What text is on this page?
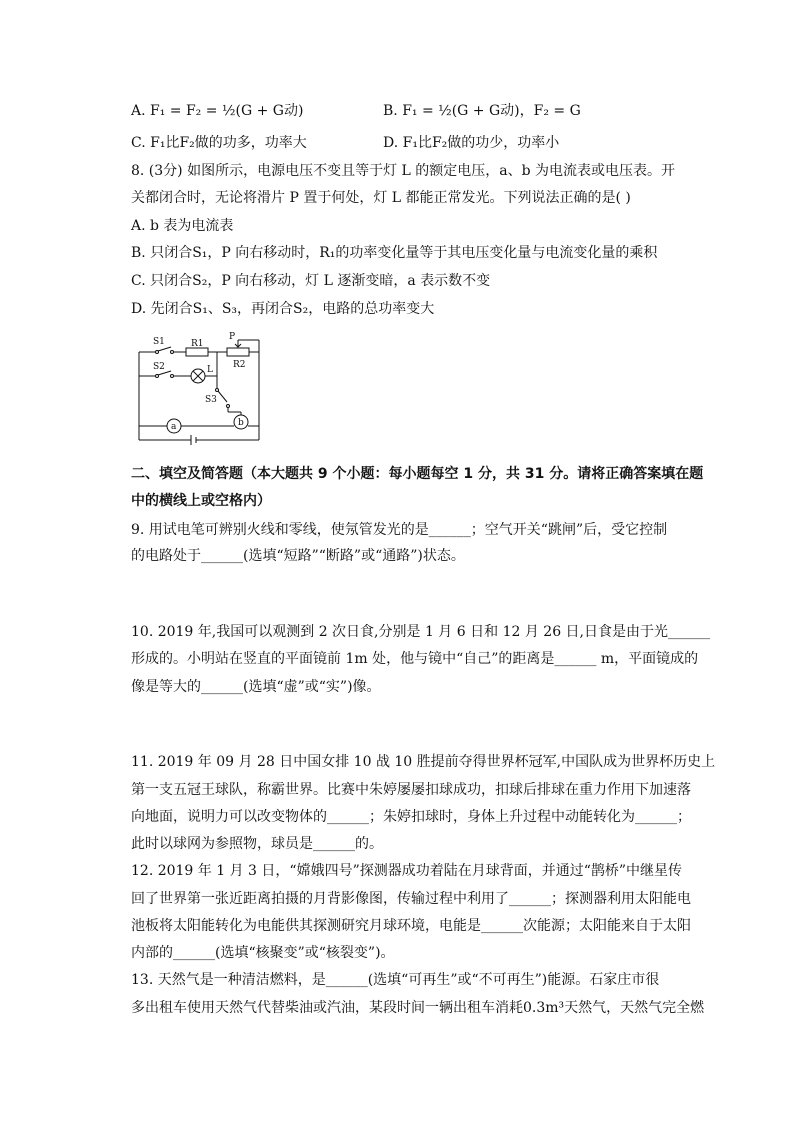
A. F₁ = F₂ = ½(G + G动)	B. F₁ = ½(G + G动)，F₂ = G
C. F₁比F₂做的功多，功率大	D. F₁比F₂做的功少，功率小
8. (3分) 如图所示，电源电压不变且等于灯 L 的额定电压，a、b 为电流表或电压表。开
关都闭合时，无论将滑片 P 置于何处，灯 L 都能正常发光。下列说法正确的是( )
A. b 表为电流表
B. 只闭合S₁，P 向右移动时，R₁的功率变化量等于其电压变化量与电流变化量的乘积
C. 只闭合S₂，P 向右移动，灯 L 逐渐变暗，a 表示数不变
D. 先闭合S₁、S₃，再闭合S₂，电路的总功率变大
S1
S2
S3
R1
R2
P
L
a	b
二、填空及简答题（本大题共 9 个小题：每小题每空 1 分，共 31 分。请将正确答案填在题
中的横线上或空格内）
9. 用试电笔可辨别火线和零线，使氖管发光的是______；空气开关“跳闸”后，受它控制
的电路处于______(选填“短路”“断路”或“通路”)状态。
10. 2019 年,我国可以观测到 2 次日食,分别是 1 月 6 日和 12 月 26 日,日食是由于光______
形成的。小明站在竖直的平面镜前 1m 处，他与镜中“自己”的距离是______ m，平面镜成的
像是等大的______(选填“虚”或“实”)像。
11. 2019 年 09 月 28 日中国女排 10 战 10 胜提前夺得世界杯冠军,中国队成为世界杯历史上
第一支五冠王球队，称霸世界。比赛中朱婷屡屡扣球成功，扣球后排球在重力作用下加速落
向地面，说明力可以改变物体的______；朱婷扣球时，身体上升过程中动能转化为______；
此时以球网为参照物，球员是______的。
12. 2019 年 1 月 3 日，“嫦娥四号”探测器成功着陆在月球背面，并通过“鹊桥”中继星传
回了世界第一张近距离拍摄的月背影像图，传输过程中利用了______；探测器利用太阳能电
池板将太阳能转化为电能供其探测研究月球环境，电能是______次能源；太阳能来自于太阳
内部的______(选填“核聚变”或“核裂变”)。
13. 天然气是一种清洁燃料，是______(选填“可再生”或“不可再生”)能源。石家庄市很
多出租车使用天然气代替柴油或汽油，某段时间一辆出租车消耗0.3m³天然气，天然气完全燃
